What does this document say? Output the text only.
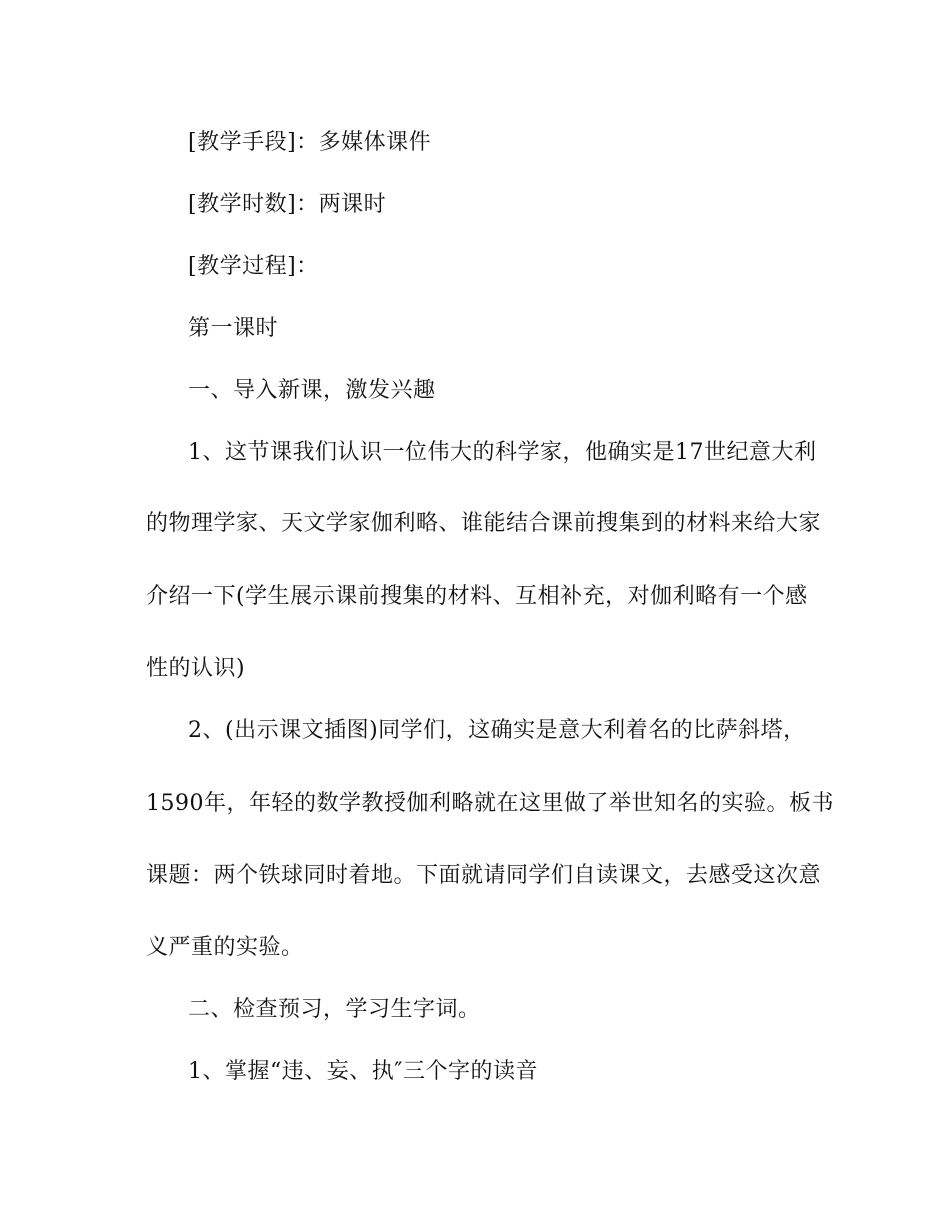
[教学手段]：多媒体课件
[教学时数]：两课时
[教学过程]：
第一课时
一、导入新课，激发兴趣
1、这节课我们认识一位伟大的科学家，他确实是17世纪意大利
的物理学家、天文学家伽利略、谁能结合课前搜集到的材料来给大家
介绍一下(学生展示课前搜集的材料、互相补充，对伽利略有一个感
性的认识)
2、(出示课文插图)同学们，这确实是意大利着名的比萨斜塔，
1590年，年轻的数学教授伽利略就在这里做了举世知名的实验。板书
课题：两个铁球同时着地。下面就请同学们自读课文，去感受这次意
义严重的实验。
二、检查预习，学习生字词。
1、掌握“违、妄、执″三个字的读音
